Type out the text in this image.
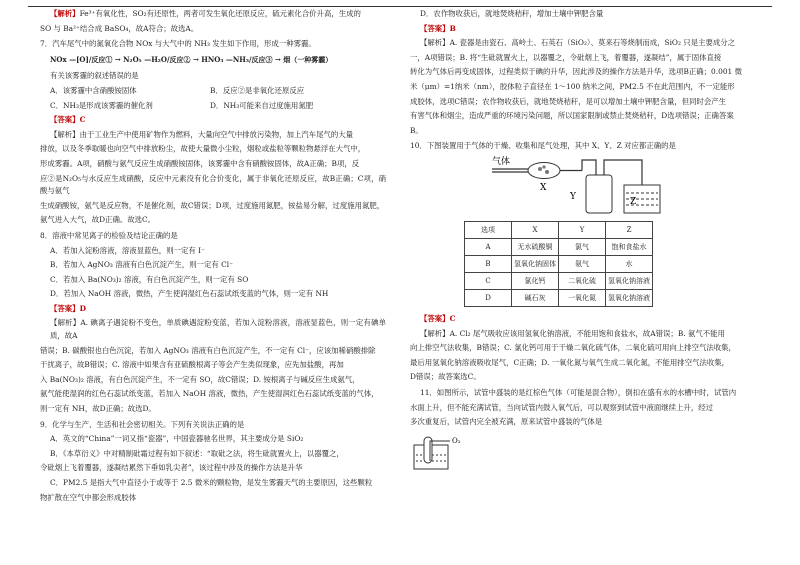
【解析】Fe³⁺有氧化性，SO₂有还原性，两者可发生氧化还原反应，硫元素化合价升高，生成的

SO 与 Ba²⁺结合成 BaSO₄，故A符合；故选A。

7．汽车尾气中的氮氧化合物 NOx 与大气中的 NH₃ 发生如下作用，形成一种雾霾。

NOx —[O]/反应① → N₂O₅ —H₂O/反应② → HNO₃ —NH₃/反应③ → 烟（一种雾霾）

有关该雾霾的叙述错误的是

A．该雾霾中含硝酸铵固体	B．反应②是非氧化还原反应

C．NH₃是形成该雾霾的催化剂	D．NH₃可能来自过度施用氮肥

【答案】C

【解析】由于工业生产中使用矿物作为燃料，大量向空气中排放污染物，加上汽车尾气的大量

排放，以及冬季取暖也向空气中排放粉尘，故使大量微小尘粒，烟粒或盐粒等颗粒物悬浮在大气中，

形成雾霾。A项，硝酸与氨气反应生成硝酸铵固体，该雾霾中含有硝酸铵固体，故A正确；B项，反

应②是N₂O₅与水反应生成硝酸，反应中元素没有化合价变化，属于非氧化还原反应，故B正确；C项，硝酸与氨气

生成硝酸铵，氨气是反应物，不是催化剂，故C错误；D项，过度施用氮肥，铵盐易分解，过度施用氮肥，

氨气进入大气，故D正确。故选C。

8．溶液中常见离子的检验及结论正确的是

A．若加入淀粉溶液，溶液显蓝色，则一定有 I⁻

B．若加入 AgNO₃ 溶液有白色沉淀产生，则一定有 Cl⁻

C．若加入 Ba(NO₃)₂ 溶液，有白色沉淀产生，则一定有 SO

D．若加入 NaOH 溶液，微热，产生使润湿红色石蕊试纸变蓝的气体，则一定有 NH

【答案】D

【解析】A. 碘离子遇淀粉不变色，单质碘遇淀粉变蓝，若加入淀粉溶液，溶液显蓝色，则一定有碘单质，故A

错误；B. 碳酸银也白色沉淀，若加入 AgNO₃ 溶液有白色沉淀产生，不一定有 Cl⁻，应该加稀硝酸排除

干扰离子，故B错误；C. 溶液中如果含有亚硫酸根离子等会产生类似现象，应先加盐酸，再加

入 Ba(NO₃)₂ 溶液，有白色沉淀产生，不一定有 SO，故C错误；D. 铵根离子与碱反应生成氨气，

氨气能使湿润的红色石蕊试纸变蓝，若加入 NaOH 溶液，微热，产生使湿润红色石蕊试纸变蓝的气体，

则一定有 NH，故D正确；故选D。

9．化学与生产、生活和社会密切相关。下列有关说法正确的是

A．英文的“China”一词又指“瓷器”，中国瓷器驰名世界，其主要成分是 SiO₂

B．《本草衍义》中对精制砒霜过程有如下叙述：“取砒之法，将生砒就置火上，以器覆之，

令砒烟上飞着覆器，遂凝结累然下垂如乳尖者”，该过程中涉及的操作方法是升华

C．PM2.5 是指大气中直径小于或等于 2.5 微米的颗粒物，是发生雾霾天气的主要原因，这些颗粒

物扩散在空气中都会形成胶体

D．农作物收获后，就地焚烧秸秆，增加土壤中钾肥含量

【答案】B

【解析】A. 瓷器是由瓷石、高岭土、石英石（SiO₂）、莫来石等烧制而成，SiO₂ 只是主要成分之

一，A项错误；B. 将“生砒就置火上，以器覆之，令砒烟上飞，着覆器，遂凝结”，属于固体直接

转化为气体后再变成固体，过程类似于碘的升华，因此涉及的操作方法是升华，选项B正确；0.001 微

米（μm）=1纳米（nm），胶体粒子直径在 1～100 纳米之间，PM2.5 不在此范围内，不一定能形

成胶体，选项C错误；农作物收获后，就地焚烧秸秆，是可以增加土壤中钾肥含量，但同时会产生

有害气体和烟尘，造成严重的环境污染问题，所以国家限制或禁止焚烧秸秆，D选项错误；正确答案

B。

10．下图装置用于气体的干燥、收集和尾气处理，其中 X、Y、Z 对应都正确的是

气体
X
Y	Z
选项	X	Y	Z
A	无水硫酸铜	氯气	饱和食盐水
B	氢氧化钠固体	氨气	水
C	氯化钙	二氧化硫	氢氧化钠溶液
D	碱石灰	一氧化氮	氢氧化钠溶液

【答案】C

【解析】A. Cl₂ 尾气吸收应该用氢氧化钠溶液，不能用饱和食盐水，故A错误；B. 氨气不能用

向上排空气法收集，B错误；C. 氯化钙可用于干燥二氧化硫气体，二氧化硫可用向上排空气法收集，

最后用氢氧化钠溶液吸收尾气，C正确；D. 一氧化氮与氧气生成二氧化氮，不能用排空气法收集，

D错误；故答案选C。

11．如图所示，试管中盛装的是红棕色气体（可能是混合物），倒扣在盛有水的水槽中时，试管内

水面上升，但不能充满试管，当向试管内鼓入氧气后，可以观察到试管中液面继续上升，经过

多次重复后，试管内完全被充满，原来试管中盛装的气体是

O₂
